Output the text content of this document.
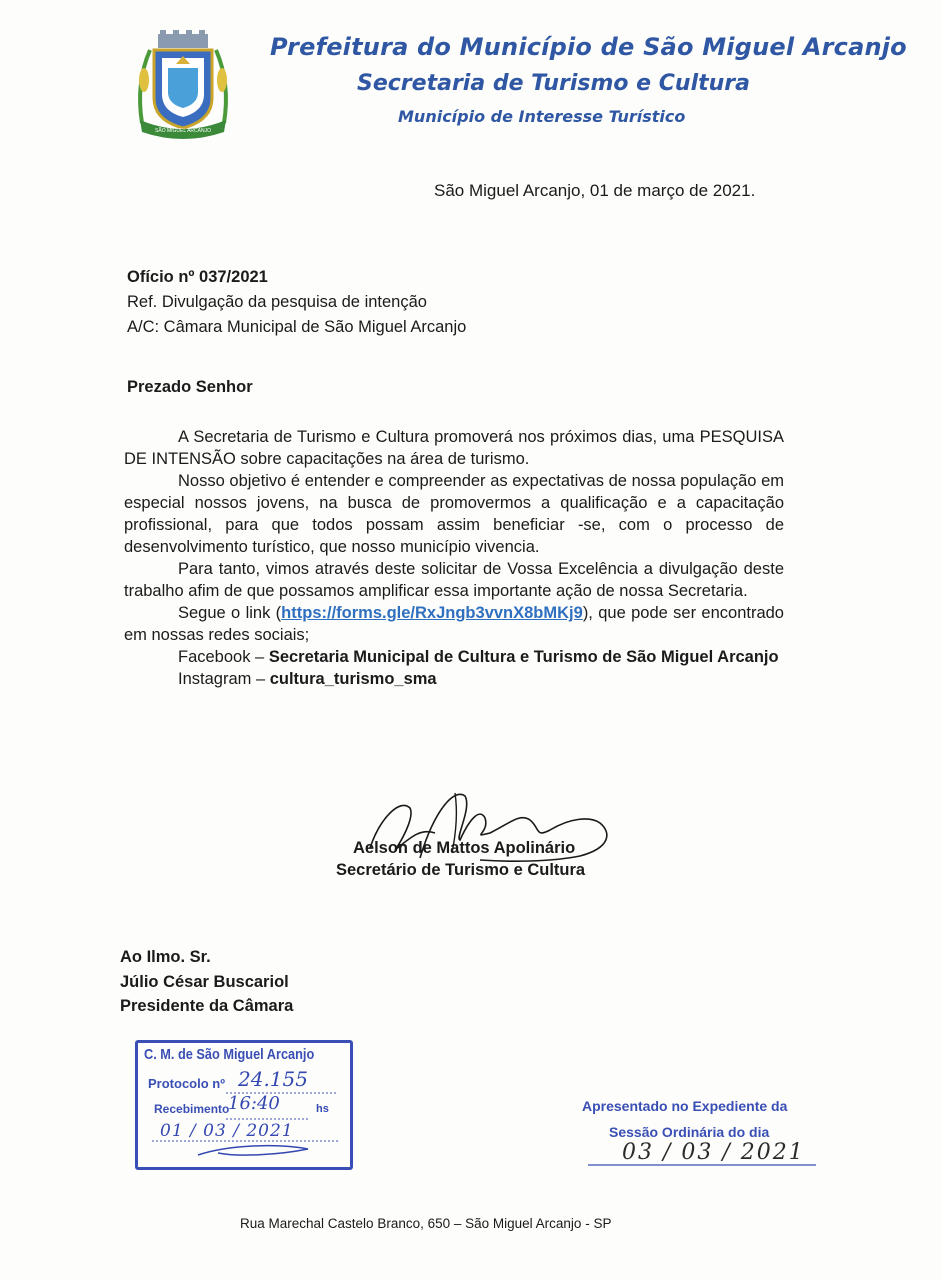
SÃO MIGUEL ARCANJO
Prefeitura do Município de São Miguel Arcanjo
Secretaria de Turismo e Cultura
Município de Interesse Turístico
São Miguel Arcanjo, 01 de março de 2021.
Ofício nº 037/2021
Ref. Divulgação da pesquisa de intenção
A/C: Câmara Municipal de São Miguel Arcanjo
Prezado Senhor

A Secretaria de Turismo e Cultura promoverá nos próximos dias, uma PESQUISA DE INTENSÃO sobre capacitações na área de turismo.

Nosso objetivo é entender e compreender as expectativas de nossa população em especial nossos jovens, na busca de promovermos a qualificação e a capacitação profissional, para que todos possam assim beneficiar -se, com o processo de desenvolvimento turístico, que nosso município vivencia.

Para tanto, vimos através deste solicitar de Vossa Excelência a divulgação deste trabalho afim de que possamos amplificar essa importante ação de nossa Secretaria.

Segue o link (https://forms.gle/RxJngb3vvnX8bMKj9), que pode ser encontrado em nossas redes sociais;

Facebook – Secretaria Municipal de Cultura e Turismo de São Miguel Arcanjo

Instagram – cultura_turismo_sma

Aelson de Mattos Apolinário
Secretário de Turismo e Cultura
Ao Ilmo. Sr.
Júlio César Buscariol
Presidente da Câmara
C. M. de São Miguel Arcanjo
Protocolo nº 24.155
Recebimento
16:40	hs
01 / 03 / 2021
Apresentado no Expediente da
Sessão Ordinária do dia
03 / 03 / 2021
Rua Marechal Castelo Branco, 650 – São Miguel Arcanjo - SP
